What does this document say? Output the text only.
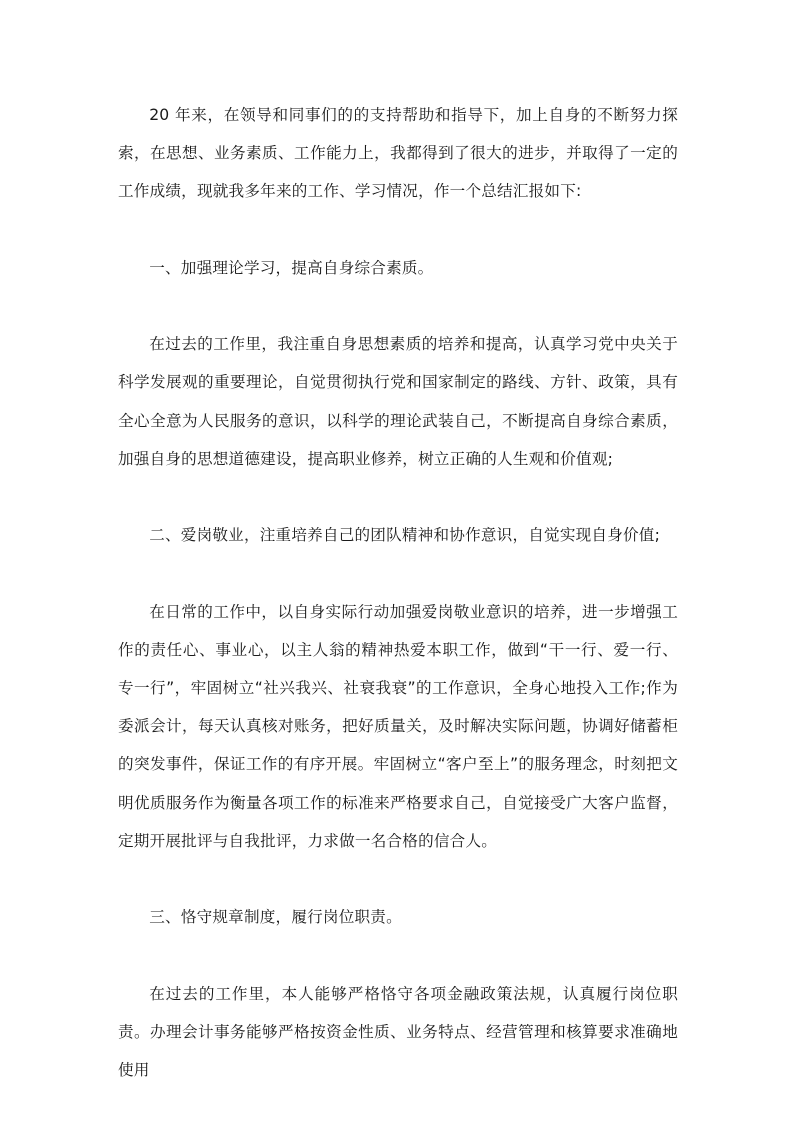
20 年来，在领导和同事们的的支持帮助和指导下，加上自身的不断努力探索，在思想、业务素质、工作能力上，我都得到了很大的进步，并取得了一定的工作成绩，现就我多年来的工作、学习情况，作一个总结汇报如下:

一、加强理论学习，提高自身综合素质。

在过去的工作里，我注重自身思想素质的培养和提高，认真学习党中央关于科学发展观的重要理论，自觉贯彻执行党和国家制定的路线、方针、政策，具有全心全意为人民服务的意识，以科学的理论武装自己，不断提高自身综合素质，加强自身的思想道德建设，提高职业修养，树立正确的人生观和价值观;

二、爱岗敬业，注重培养自己的团队精神和协作意识，自觉实现自身价值;

在日常的工作中，以自身实际行动加强爱岗敬业意识的培养，进一步增强工作的责任心、事业心，以主人翁的精神热爱本职工作，做到“干一行、爱一行、专一行”，牢固树立“社兴我兴、社衰我衰”的工作意识，全身心地投入工作;作为委派会计，每天认真核对账务，把好质量关，及时解决实际问题，协调好储蓄柜的突发事件，保证工作的有序开展。牢固树立“客户至上”的服务理念，时刻把文明优质服务作为衡量各项工作的标准来严格要求自己，自觉接受广大客户监督，定期开展批评与自我批评，力求做一名合格的信合人。

三、恪守规章制度，履行岗位职责。

在过去的工作里，本人能够严格恪守各项金融政策法规，认真履行岗位职责。办理会计事务能够严格按资金性质、业务特点、经营管理和核算要求准确地使用
